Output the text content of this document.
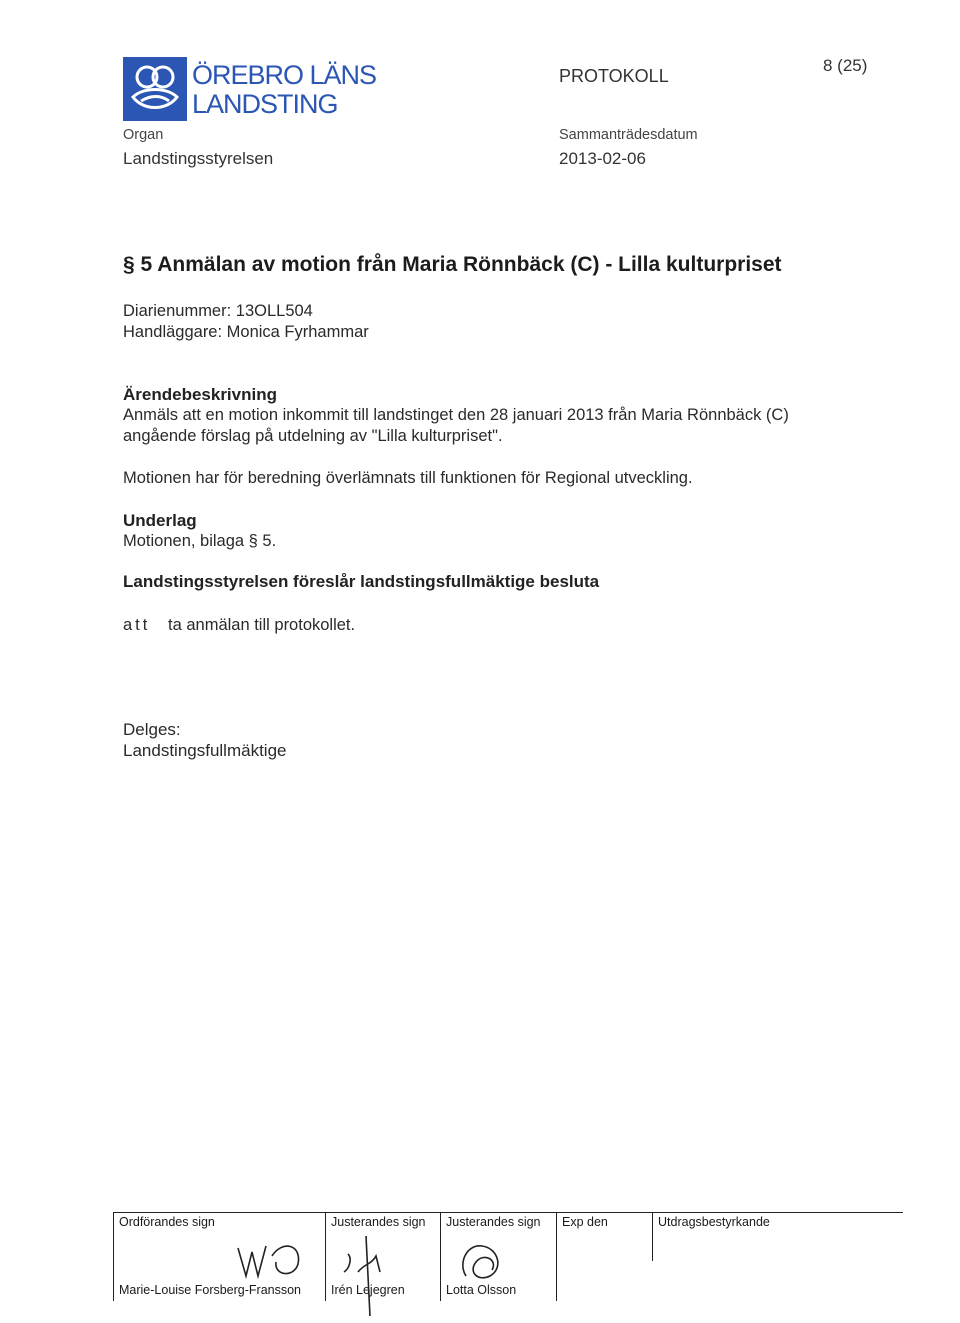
ÖREBRO LÄNS
LANDSTING
PROTOKOLL
8 (25)
Organ
Landstingsstyrelsen
Sammanträdesdatum
2013-02-06
§ 5 Anmälan av motion från Maria Rönnbäck (C) - Lilla kulturpriset
Diarienummer: 13OLL504
Handläggare: Monica Fyrhammar
Ärendebeskrivning
Anmäls att en motion inkommit till landstinget den 28 januari 2013 från Maria Rönnbäck (C)
angående förslag på utdelning av "Lilla kulturpriset".
Motionen har för beredning överlämnats till funktionen för Regional utveckling.
Underlag
Motionen, bilaga § 5.
Landstingsstyrelsen föreslår landstingsfullmäktige besluta
att ta anmälan till protokollet.
Delges:
Landstingsfullmäktige
Ordförandes sign	Justerandes sign	Justerandes sign	Exp den	Utdragsbestyrkande
Marie-Louise Forsberg-Fransson	Irén Lejegren	Lotta Olsson		
